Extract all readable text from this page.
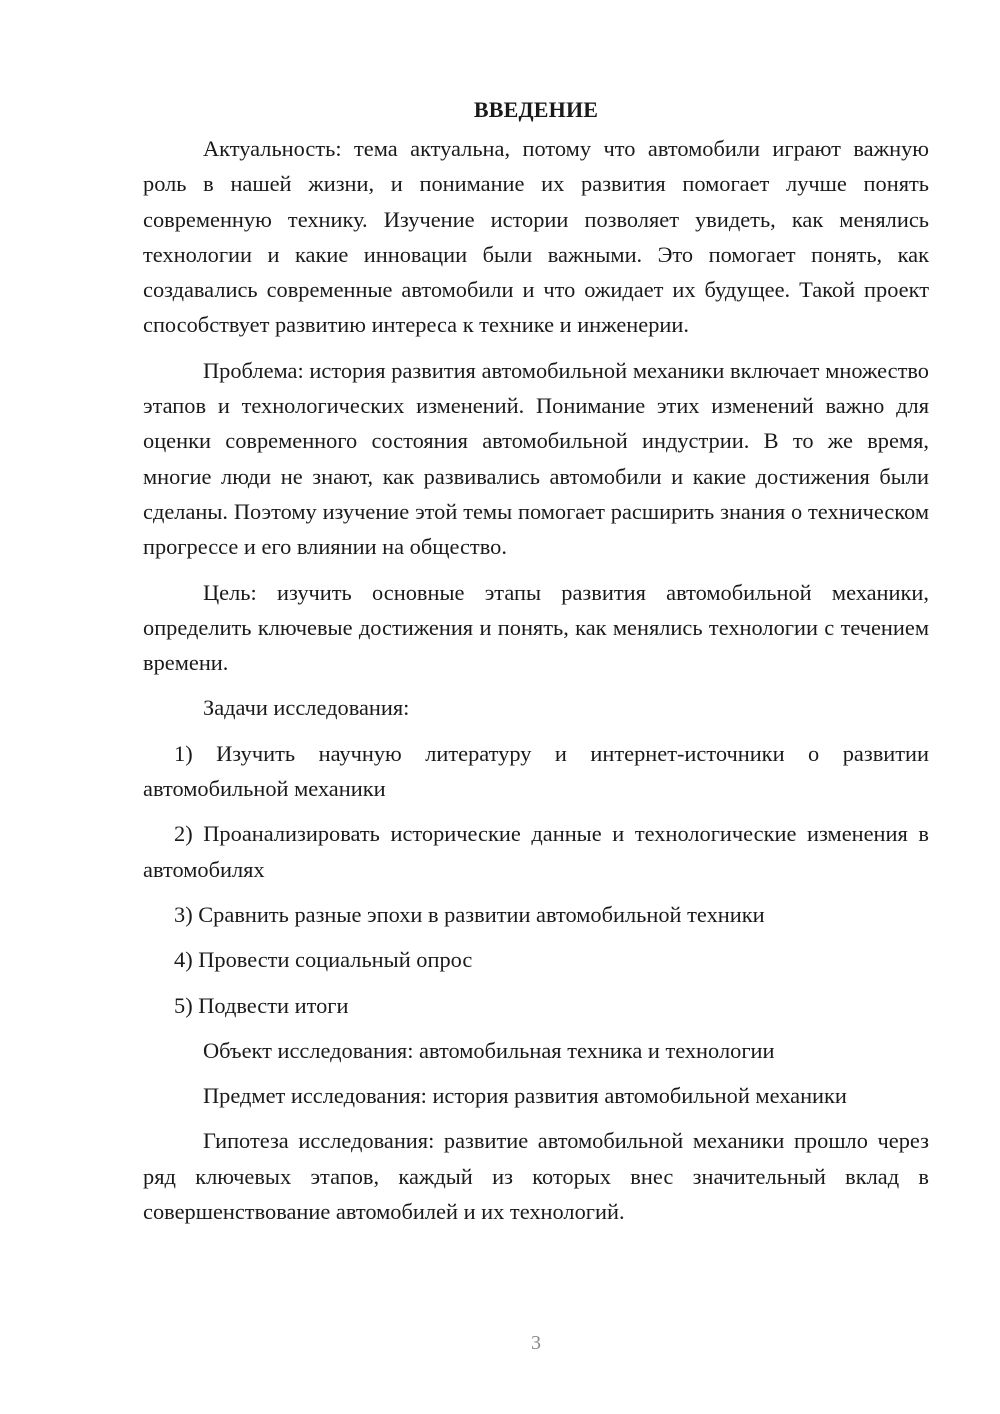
ВВЕДЕНИЕ

Актуальность: тема актуальна, потому что автомобили играют важную роль в нашей жизни, и понимание их развития помогает лучше понять современную технику. Изучение истории позволяет увидеть, как менялись технологии и какие инновации были важными. Это помогает понять, как создавались современные автомобили и что ожидает их будущее. Такой проект способствует развитию интереса к технике и инженерии.

Проблема: история развития автомобильной механики включает множество этапов и технологических изменений. Понимание этих изменений важно для оценки современного состояния автомобильной индустрии. В то же время, многие люди не знают, как развивались автомобили и какие достижения были сделаны. Поэтому изучение этой темы помогает расширить знания о техническом прогрессе и его влиянии на общество.

Цель: изучить основные этапы развития автомобильной механики, определить ключевые достижения и понять, как менялись технологии с течением времени.

Задачи исследования:

1) Изучить научную литературу и интернет-источники о развитии автомобильной механики

2) Проанализировать исторические данные и технологические изменения в автомобилях

3) Сравнить разные эпохи в развитии автомобильной техники

4) Провести социальный опрос

5) Подвести итоги

Объект исследования: автомобильная техника и технологии

Предмет исследования: история развития автомобильной механики

Гипотеза исследования: развитие автомобильной механики прошло через ряд ключевых этапов, каждый из которых внес значительный вклад в совершенствование автомобилей и их технологий.

3
